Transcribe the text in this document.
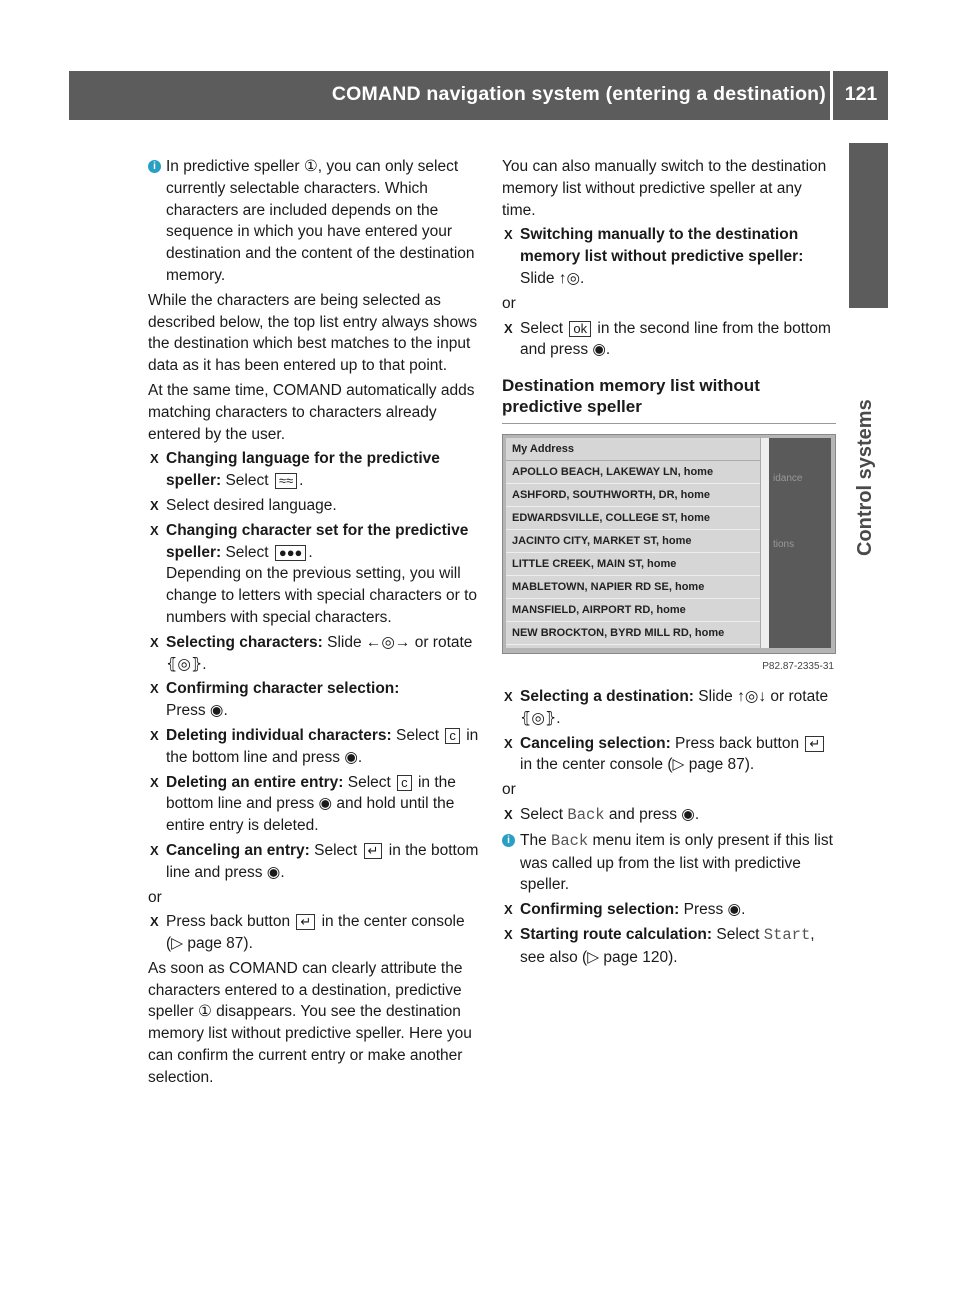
COMAND navigation system (entering a destination) 121
Control systems
i In predictive speller ①, you can only select currently selectable characters. Which characters are included depends on the sequence in which you have entered your destination and the content of the destination memory.

While the characters are being selected as described below, the top list entry always shows the destination which best matches to the input data as it has been entered up to that point.

At the same time, COMAND automatically adds matching characters to characters already entered by the user.

X Changing language for the predictive speller: Select ≈≈ .
X Select desired language.
X Changing character set for the predictive speller: Select ●●● .
Depending on the previous setting, you will change to letters with special characters or to numbers with special characters.
X Selecting characters: Slide ←◎→ or rotate ⦃◎⦄.
X Confirming character selection:
Press ◉.
X Deleting individual characters: Select c in the bottom line and press ◉.
X Deleting an entire entry: Select c in the bottom line and press ◉ and hold until the entire entry is deleted.
X Canceling an entry: Select ↵ in the bottom line and press ◉.

or

X Press back button ↵ in the center console (▷ page 87).

As soon as COMAND can clearly attribute the characters entered to a destination, predictive speller ① disappears. You see the destination memory list without predictive speller. Here you can confirm the current entry or make another selection.

You can also manually switch to the destination memory list without predictive speller at any time.

X Switching manually to the destination memory list without predictive speller:
Slide ↑◎.

or

X Select ok in the second line from the bottom and press ◉.
Destination memory list without predictive speller
My Address
APOLLO BEACH, LAKEWAY LN, home
ASHFORD, SOUTHWORTH, DR, home
EDWARDSVILLE, COLLEGE ST, home
JACINTO CITY, MARKET ST, home
LITTLE CREEK, MAIN ST, home
MABLETOWN, NAPIER RD SE, home
MANSFIELD, AIRPORT RD, home
NEW BROCKTON, BYRD MILL RD, home
idance
tions
P82.87-2335-31
X Selecting a destination: Slide ↑◎↓ or rotate ⦃◎⦄.
X Canceling selection: Press back button ↵ in the center console (▷ page 87).

or

X Select Back and press ◉.
i The Back menu item is only present if this list was called up from the list with predictive speller.
X Confirming selection: Press ◉.
X Starting route calculation: Select Start, see also (▷ page 120).
